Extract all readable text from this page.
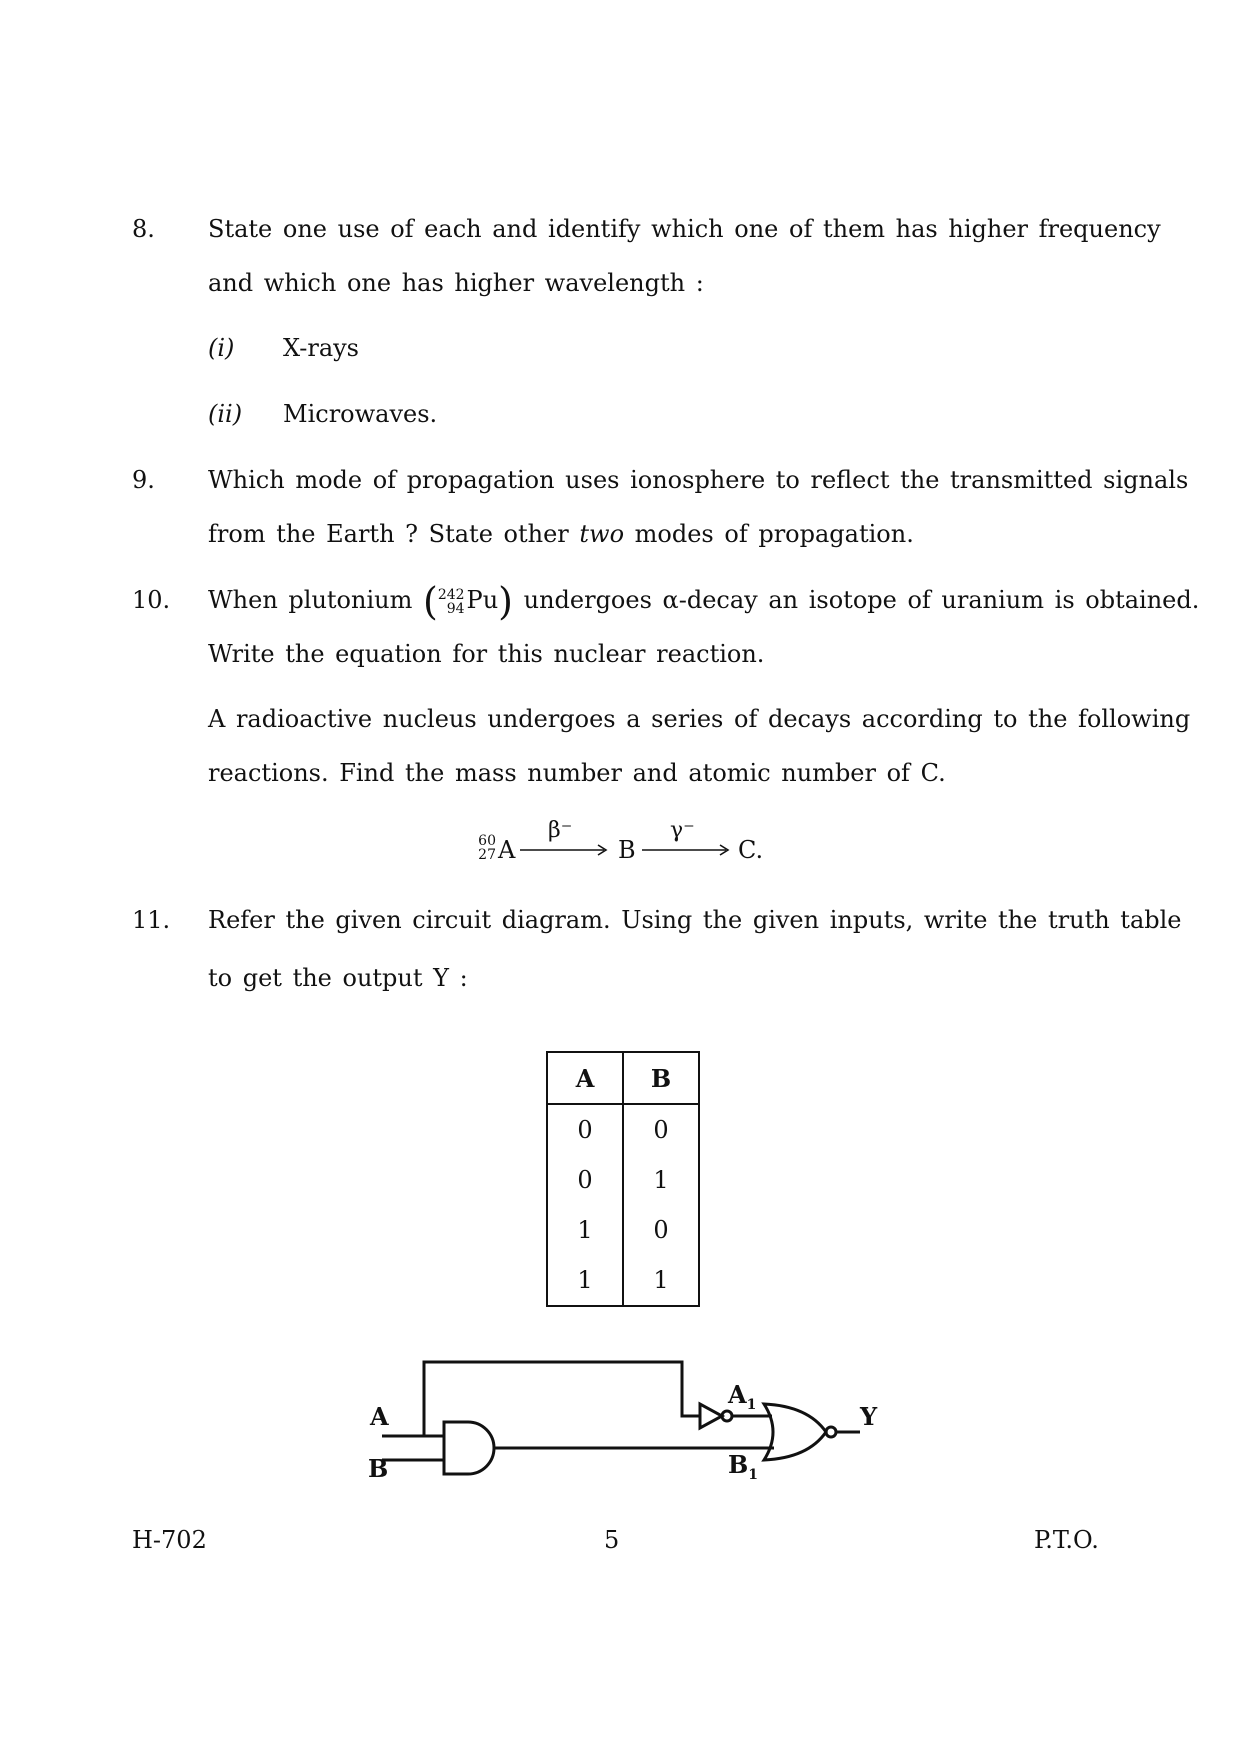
8. State one use of each and identify which one of them has higher frequency
and which one has higher wavelength :
(i) X-rays
(ii) Microwaves.
9. Which mode of propagation uses ionosphere to reflect the transmitted signals
from the Earth ? State other two modes of propagation.
10. When plutonium (242
94Pu) undergoes α-decay an isotope of uranium is obtained.
Write the equation for this nuclear reaction.
A radioactive nucleus undergoes a series of decays according to the following
reactions. Find the mass number and atomic number of C.
60
27 A
β⁻
B
γ⁻
C.
11. Refer the given circuit diagram. Using the given inputs, write the truth table
to get the output Y :
A	B
0	0
0	1
1	0
1	1
A
B
$A_1$
$B_1$
Y
H-702	5	P.T.O.
